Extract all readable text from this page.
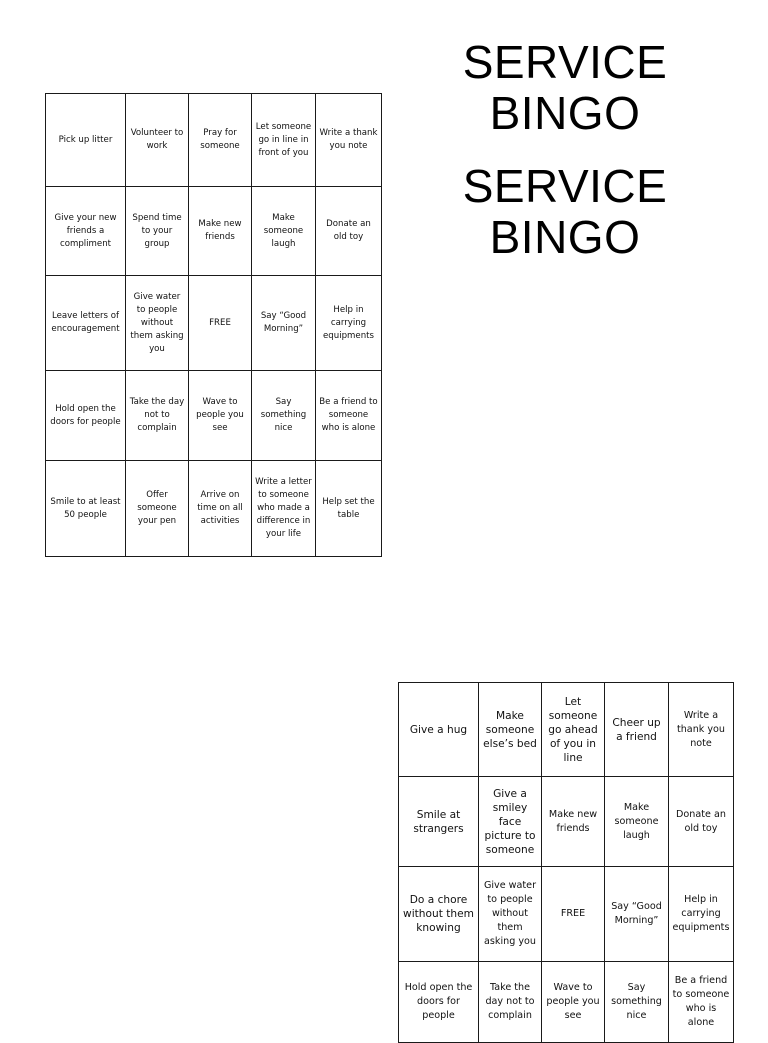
SERVICE BINGO
SERVICE BINGO
Pick up litter	Volunteer to work	Pray for someone	Let someone go in line in front of you	Write a thank you note
Give your new friends a compliment	Spend time to your group	Make new friends	Make someone laugh	Donate an old toy
Leave letters of encouragement	Give water to people without them asking you	FREE	Say “Good Morning”	Help in carrying equipments
Hold open the doors for people	Take the day not to complain	Wave to people you see	Say something nice	Be a friend to someone who is alone
Smile to at least 50 people	Offer someone your pen	Arrive on time on all activities	Write a letter to someone who made a difference in your life	Help set the table
Give a hug	Make someone else’s bed	Let someone go ahead of you in line	Cheer up a friend	Write a thank you note
Smile at strangers	Give a smiley face picture to someone	Make new friends	Make someone laugh	Donate an old toy
Do a chore without them knowing	Give water to people without them asking you	FREE	Say “Good Morning”	Help in carrying equipments
Hold open the doors for people	Take the day not to complain	Wave to people you see	Say something nice	Be a friend to someone who is alone
